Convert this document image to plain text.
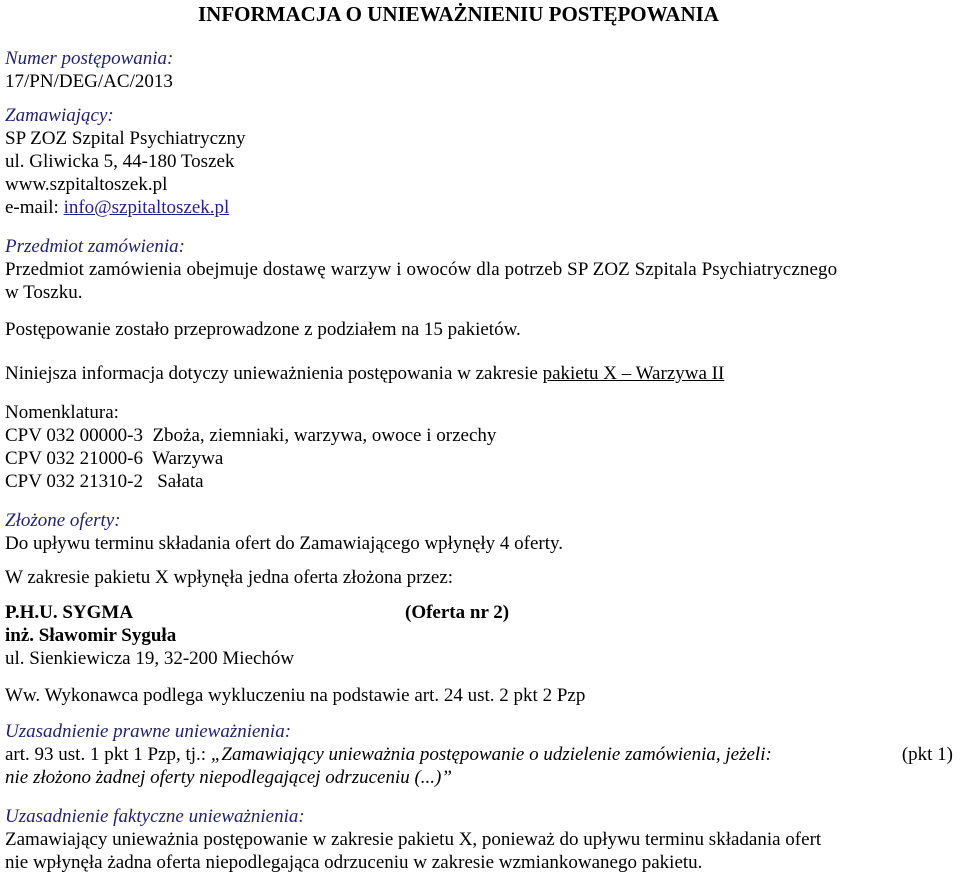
INFORMACJA O UNIEWAŻNIENIU POSTĘPOWANIA
Numer postępowania:
17/PN/DEG/AC/2013
Zamawiający:
SP ZOZ Szpital Psychiatryczny
ul. Gliwicka 5, 44-180 Toszek
www.szpitaltoszek.pl
e-mail: info@szpitaltoszek.pl
Przedmiot zamówienia:
Przedmiot zamówienia obejmuje dostawę warzyw i owoców dla potrzeb SP ZOZ Szpitala Psychiatrycznego
w Toszku.
Postępowanie zostało przeprowadzone z podziałem na 15 pakietów.
Niniejsza informacja dotyczy unieważnienia postępowania w zakresie pakietu X – Warzywa II
Nomenklatura:
CPV 032 00000-3  Zboża, ziemniaki, warzywa, owoce i orzechy
CPV 032 21000-6  Warzywa
CPV 032 21310-2   Sałata
Złożone oferty:
Do upływu terminu składania ofert do Zamawiającego wpłynęły 4 oferty.
W zakresie pakietu X wpłynęła jedna oferta złożona przez:
P.H.U. SYGMA	(Oferta nr 2)
inż. Sławomir Syguła
ul. Sienkiewicza 19, 32-200 Miechów
Ww. Wykonawca podlega wykluczeniu na podstawie art. 24 ust. 2 pkt 2 Pzp
Uzasadnienie prawne unieważnienia:
art. 93 ust. 1 pkt 1 Pzp, tj.: „Zamawiający unieważnia postępowanie o udzielenie zamówienia, jeżeli:	(pkt 1)
nie złożono żadnej oferty niepodlegającej odrzuceniu (...)”
Uzasadnienie faktyczne unieważnienia:
Zamawiający unieważnia postępowanie w zakresie pakietu X, ponieważ do upływu terminu składania ofert
nie wpłynęła żadna oferta niepodlegająca odrzuceniu w zakresie wzmiankowanego pakietu.
